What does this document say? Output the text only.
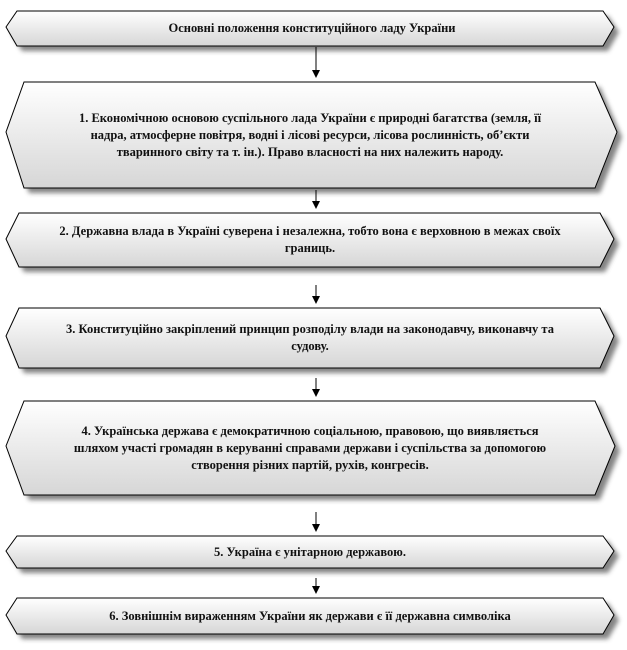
Основні положення конституційного ладу України
1. Економічною основою суспільного лада України є природні багатства (земля, її надра, атмосферне повітря, водні і лісові ресурси, лісова рослинність, об’єкти тваринного світу та т. ін.). Право власності на них належить народу.
2. Державна влада в Україні суверена і незалежна, тобто вона є верховною в межах своїх границь.
3. Конституційно закріплений принцип розподілу влади на законодавчу, виконавчу та судову.
4. Українська держава є демократичною соціальною, правовою, що виявляється шляхом участі громадян в керуванні справами держави і суспільства за допомогою створення різних партій, рухів, конгресів.
5. Україна є унітарною державою.
6. Зовнішнім вираженням України як держави є її державна символіка
